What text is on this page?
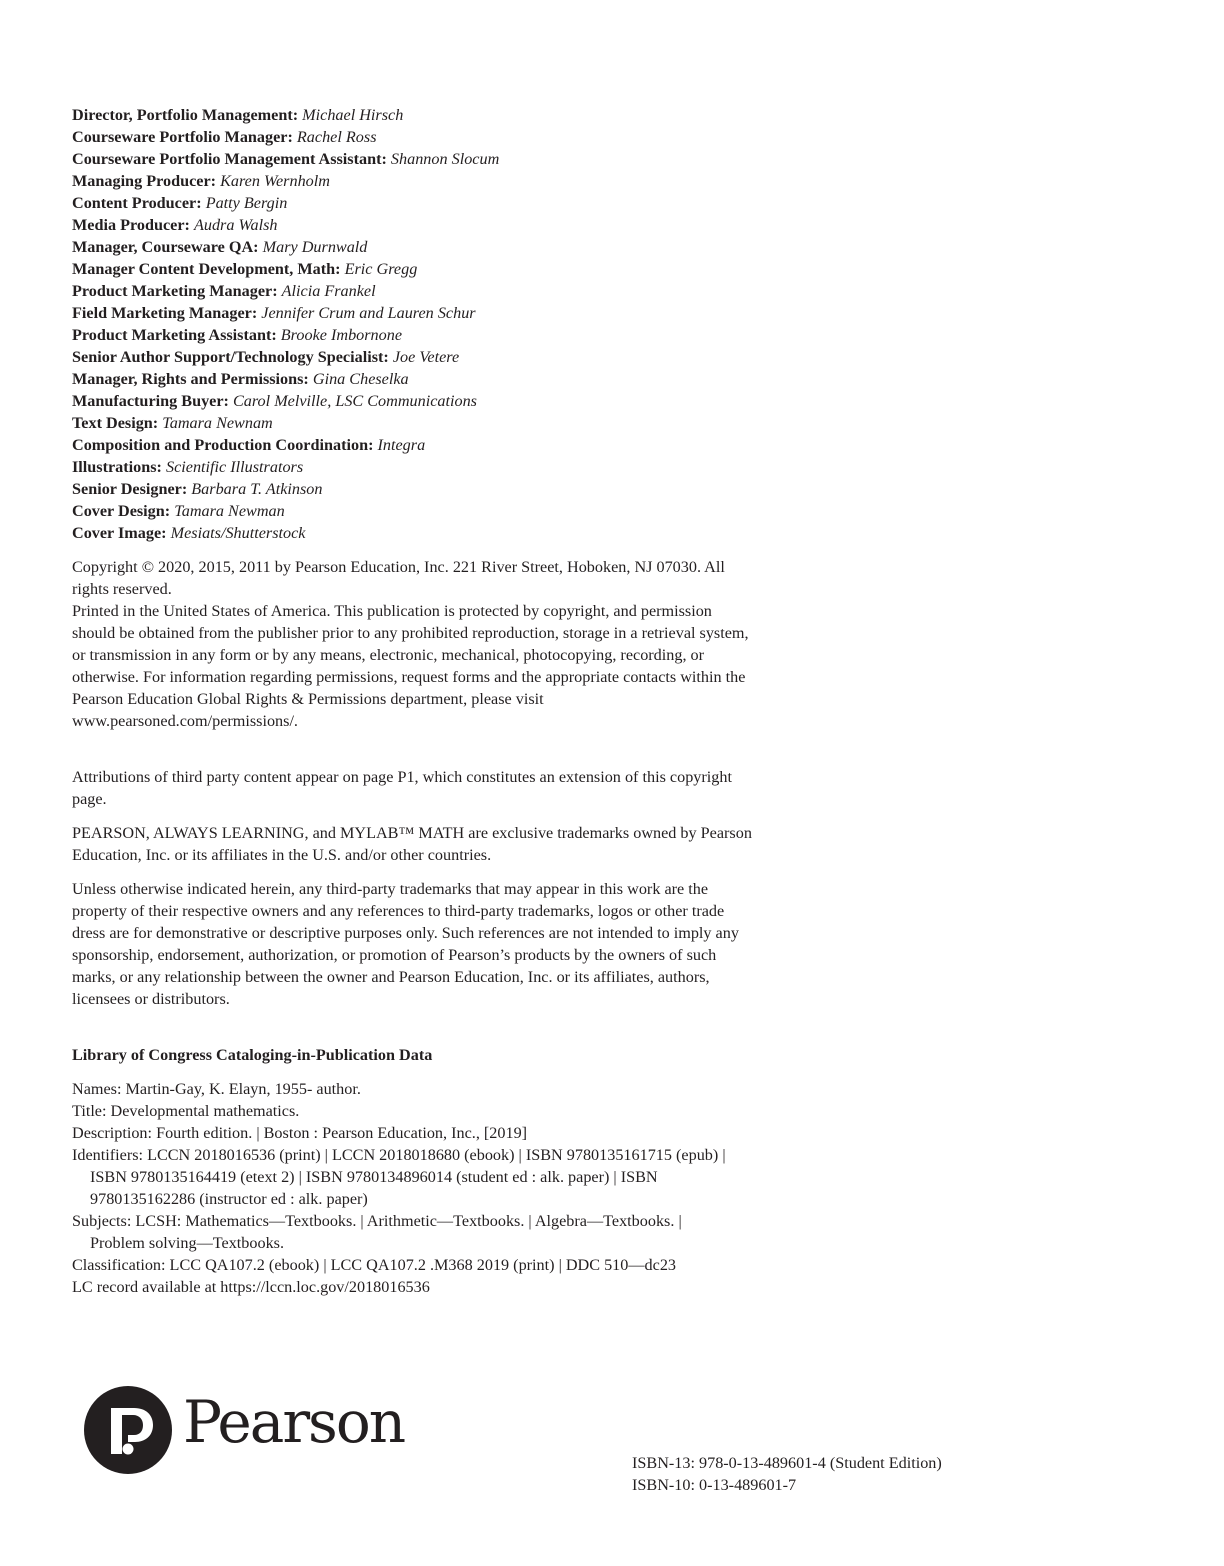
Director, Portfolio Management: Michael Hirsch
Courseware Portfolio Manager: Rachel Ross
Courseware Portfolio Management Assistant: Shannon Slocum
Managing Producer: Karen Wernholm
Content Producer: Patty Bergin
Media Producer: Audra Walsh
Manager, Courseware QA: Mary Durnwald
Manager Content Development, Math: Eric Gregg
Product Marketing Manager: Alicia Frankel
Field Marketing Manager: Jennifer Crum and Lauren Schur
Product Marketing Assistant: Brooke Imbornone
Senior Author Support/Technology Specialist: Joe Vetere
Manager, Rights and Permissions: Gina Cheselka
Manufacturing Buyer: Carol Melville, LSC Communications
Text Design: Tamara Newnam
Composition and Production Coordination: Integra
Illustrations: Scientific Illustrators
Senior Designer: Barbara T. Atkinson
Cover Design: Tamara Newman
Cover Image: Mesiats/Shutterstock

Copyright © 2020, 2015, 2011 by Pearson Education, Inc. 221 River Street, Hoboken, NJ 07030. All rights reserved.

Printed in the United States of America. This publication is protected by copyright, and permission should be obtained from the publisher prior to any prohibited reproduction, storage in a retrieval system, or transmission in any form or by any means, electronic, mechanical, photocopying, recording, or otherwise. For information regarding permissions, request forms and the appropriate contacts within the Pearson Education Global Rights & Permissions department, please visit www.pearsoned.com/permissions/.

Attributions of third party content appear on page P1, which constitutes an extension of this copyright page.

PEARSON, ALWAYS LEARNING, and MYLAB™ MATH are exclusive trademarks owned by Pearson Education, Inc. or its affiliates in the U.S. and/or other countries.

Unless otherwise indicated herein, any third-party trademarks that may appear in this work are the property of their respective owners and any references to third-party trademarks, logos or other trade dress are for demonstrative or descriptive purposes only. Such references are not intended to imply any sponsorship, endorsement, authorization, or promotion of Pearson’s products by the owners of such marks, or any relationship between the owner and Pearson Education, Inc. or its affiliates, authors, licensees or distributors.

Library of Congress Cataloging-in-Publication Data

Names: Martin-Gay, K. Elayn, 1955- author.
Title: Developmental mathematics.
Description: Fourth edition. | Boston : Pearson Education, Inc., [2019]
Identifiers: LCCN 2018016536 (print) | LCCN 2018018680 (ebook) | ISBN 9780135161715 (epub) | ISBN 9780135164419 (etext 2) | ISBN 9780134896014 (student ed : alk. paper) | ISBN 9780135162286 (instructor ed : alk. paper)
Subjects: LCSH: Mathematics—Textbooks. | Arithmetic—Textbooks. | Algebra—Textbooks. | Problem solving—Textbooks.
Classification: LCC QA107.2 (ebook) | LCC QA107.2 .M368 2019 (print) | DDC 510—dc23
LC record available at https://lccn.loc.gov/2018016536
Pearson
ISBN-13: 978-0-13-489601-4 (Student Edition)
ISBN-10: 0-13-489601-7
